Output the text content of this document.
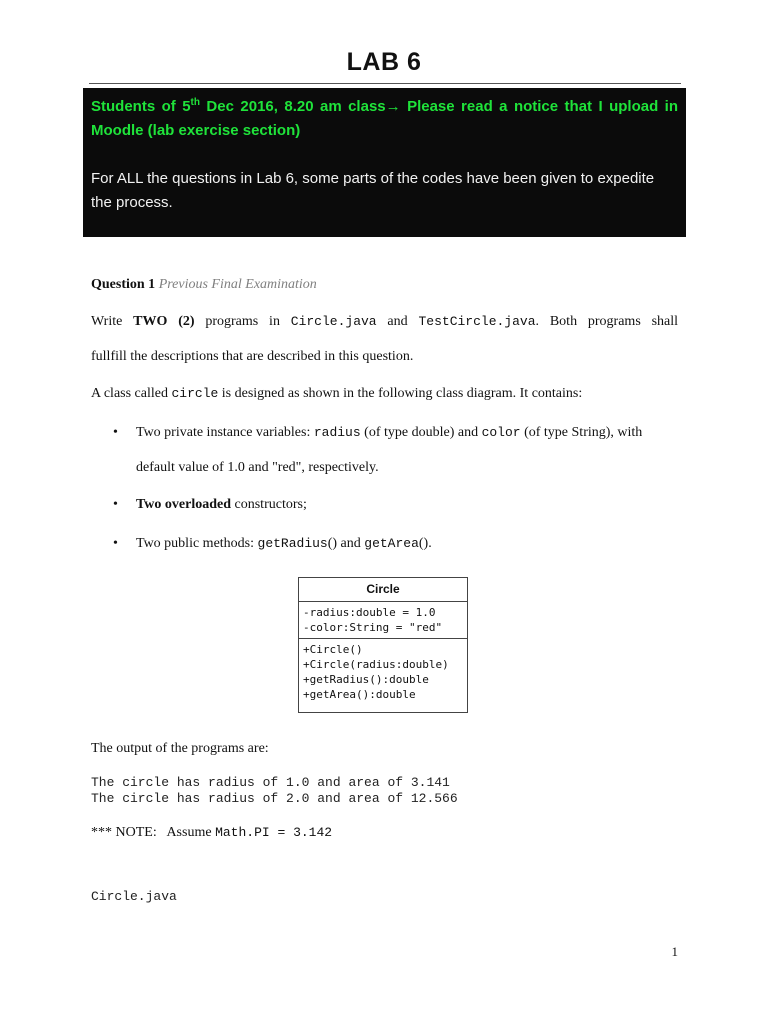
LAB 6
Students of 5th Dec 2016, 8.20 am class→ Please read a notice that I upload in Moodle (lab exercise section)
For ALL the questions in Lab 6, some parts of the codes have been given to expedite the process.
Question 1 Previous Final Examination
Write TWO (2) programs in Circle.java and TestCircle.java. Both programs shall
fullfill the descriptions that are described in this question.
A class called circle is designed as shown in the following class diagram. It contains:
• Two private instance variables: radius (of type double) and color (of type String), with
default value of 1.0 and "red", respectively.
• Two overloaded constructors;
• Two public methods: getRadius() and getArea().
Circle
-radius:double = 1.0
-color:String = "red"
+Circle()
+Circle(radius:double)
+getRadius():double
+getArea():double
The output of the programs are:
The circle has radius of 1.0 and area of 3.141
The circle has radius of 2.0 and area of 12.566
*** NOTE:   Assume Math.PI = 3.142
Circle.java
1
